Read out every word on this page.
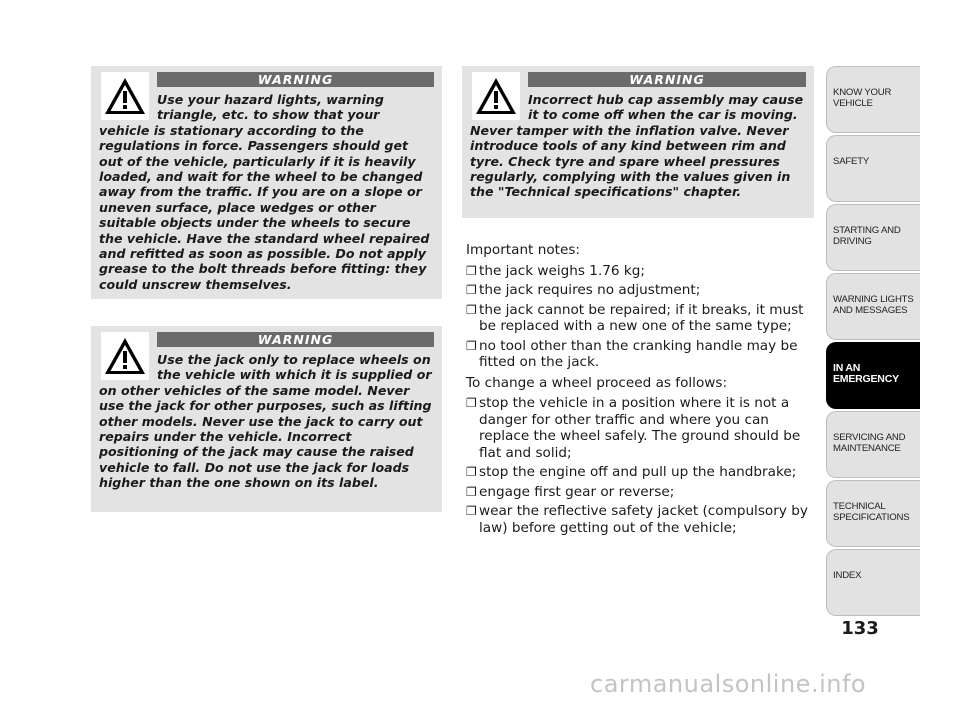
WARNING

Use your hazard lights, warning triangle, etc. to show that your vehicle is stationary according to the regulations in force. Passengers should get out of the vehicle, particularly if it is heavily loaded, and wait for the wheel to be changed away from the traffic. If you are on a slope or uneven surface, place wedges or other suitable objects under the wheels to secure the vehicle. Have the standard wheel repaired and refitted as soon as possible. Do not apply grease to the bolt threads before fitting: they could unscrew themselves.

WARNING

Use the jack only to replace wheels on the vehicle with which it is supplied or on other vehicles of the same model. Never use the jack for other purposes, such as lifting other models. Never use the jack to carry out repairs under the vehicle. Incorrect positioning of the jack may cause the raised vehicle to fall. Do not use the jack for loads higher than the one shown on its label.

WARNING

Incorrect hub cap assembly may cause it to come off when the car is moving. Never tamper with the inflation valve. Never introduce tools of any kind between rim and tyre. Check tyre and spare wheel pressures regularly, complying with the values given in the "Technical specifications" chapter.

Important notes:

❐ the jack weighs 1.76 kg;
❐ the jack requires no adjustment;
❐ the jack cannot be repaired; if it breaks, it must be replaced with a new one of the same type;
❐ no tool other than the cranking handle may be fitted on the jack.

To change a wheel proceed as follows:

❐ stop the vehicle in a position where it is not a danger for other traffic and where you can replace the wheel safely. The ground should be flat and solid;
❐ stop the engine off and pull up the handbrake;
❐ engage first gear or reverse;
❐ wear the reflective safety jacket (compulsory by law) before getting out of the vehicle;
KNOW YOUR
VEHICLE
SAFETY
STARTING AND
DRIVING
WARNING LIGHTS
AND MESSAGES
IN AN
EMERGENCY
SERVICING AND
MAINTENANCE
TECHNICAL
SPECIFICATIONS
INDEX
133
carmanualsonline.info
